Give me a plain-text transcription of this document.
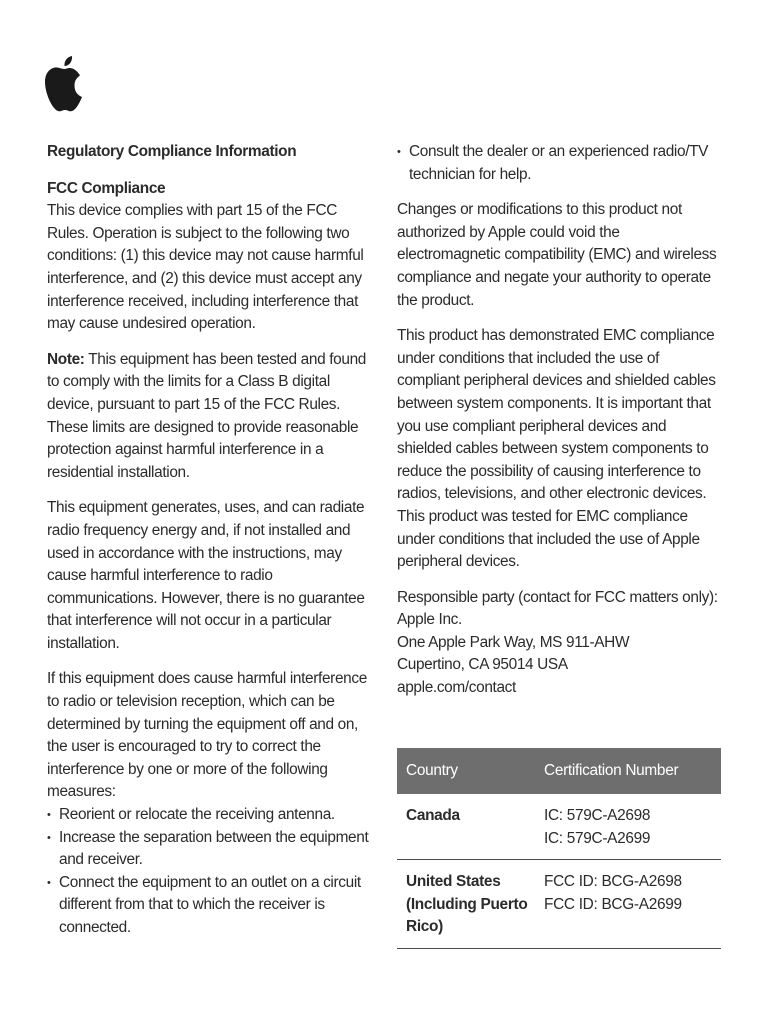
Regulatory Compliance Information

FCC Compliance
This device complies with part 15 of the FCC Rules. Operation is subject to the following two conditions: (1) this device may not cause harmful interference, and (2) this device must accept any interference received, including interference that may cause undesired operation.

Note: This equipment has been tested and found to comply with the limits for a Class B digital device, pursuant to part 15 of the FCC Rules. These limits are designed to provide reasonable protection against harmful interference in a residential installation.

This equipment generates, uses, and can radiate radio frequency energy and, if not installed and used in accordance with the instructions, may cause harmful interference to radio communications. However, there is no guarantee that interference will not occur in a particular installation.

If this equipment does cause harmful interference to radio or television reception, which can be determined by turning the equipment off and on, the user is encouraged to try to correct the interference by one or more of the following measures:

• Reorient or relocate the receiving antenna.
• Increase the separation between the equipment and receiver.
• Connect the equipment to an outlet on a circuit different from that to which the receiver is connected.
• Consult the dealer or an experienced radio/TV technician for help.

Changes or modifications to this product not authorized by Apple could void the electromagnetic compatibility (EMC) and wireless compliance and negate your authority to operate the product.

This product has demonstrated EMC compliance under conditions that included the use of compliant peripheral devices and shielded cables between system components. It is important that you use compliant peripheral devices and shielded cables between system components to reduce the possibility of causing interference to radios, televisions, and other electronic devices. This product was tested for EMC compliance under conditions that included the use of Apple peripheral devices.

Responsible party (contact for FCC matters only):
Apple Inc.
One Apple Park Way, MS 911-AHW
Cupertino, CA 95014 USA
apple.com/contact

Country	Certification Number
Canada	IC: 579C-A2698
IC: 579C-A2699

United States (Including Puerto Rico)	FCC ID: BCG-A2698
FCC ID: BCG-A2699
